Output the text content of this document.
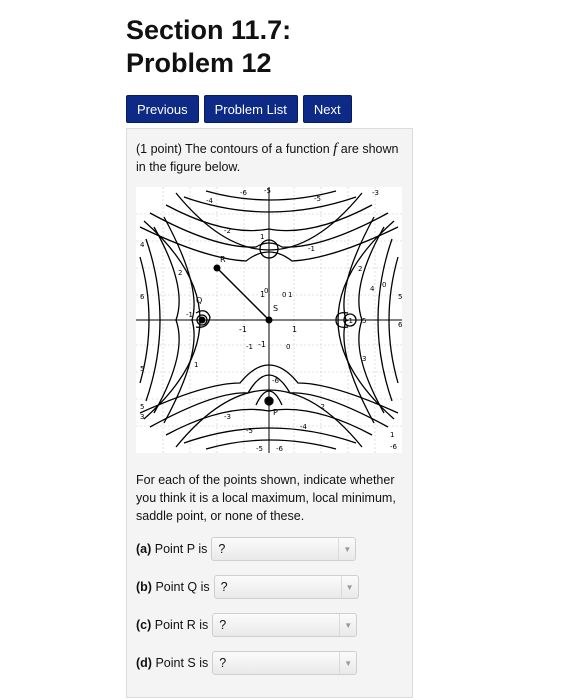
Section 11.7:
Problem 12
Previous	Problem List	Next
(1 point) The contours of a function f are shown in the figure below.
R
S
Q
P
-1	1
1
-1
-6 -5
-4	-5
-3
-2
1
-1
4
2
6
0	1
0
-1
5
-1
0
5
6
-1
0
2
4
5
3
1
5
3
-6
-3
-5	-4
-2
-5 -6
1
-6
For each of the points shown, indicate whether you think it is a local maximum, local minimum, saddle point, or none of these.
(a) Point P is ?	▼
(b) Point Q is ?	▼
(c) Point R is ?	▼
(d) Point S is ?	▼
